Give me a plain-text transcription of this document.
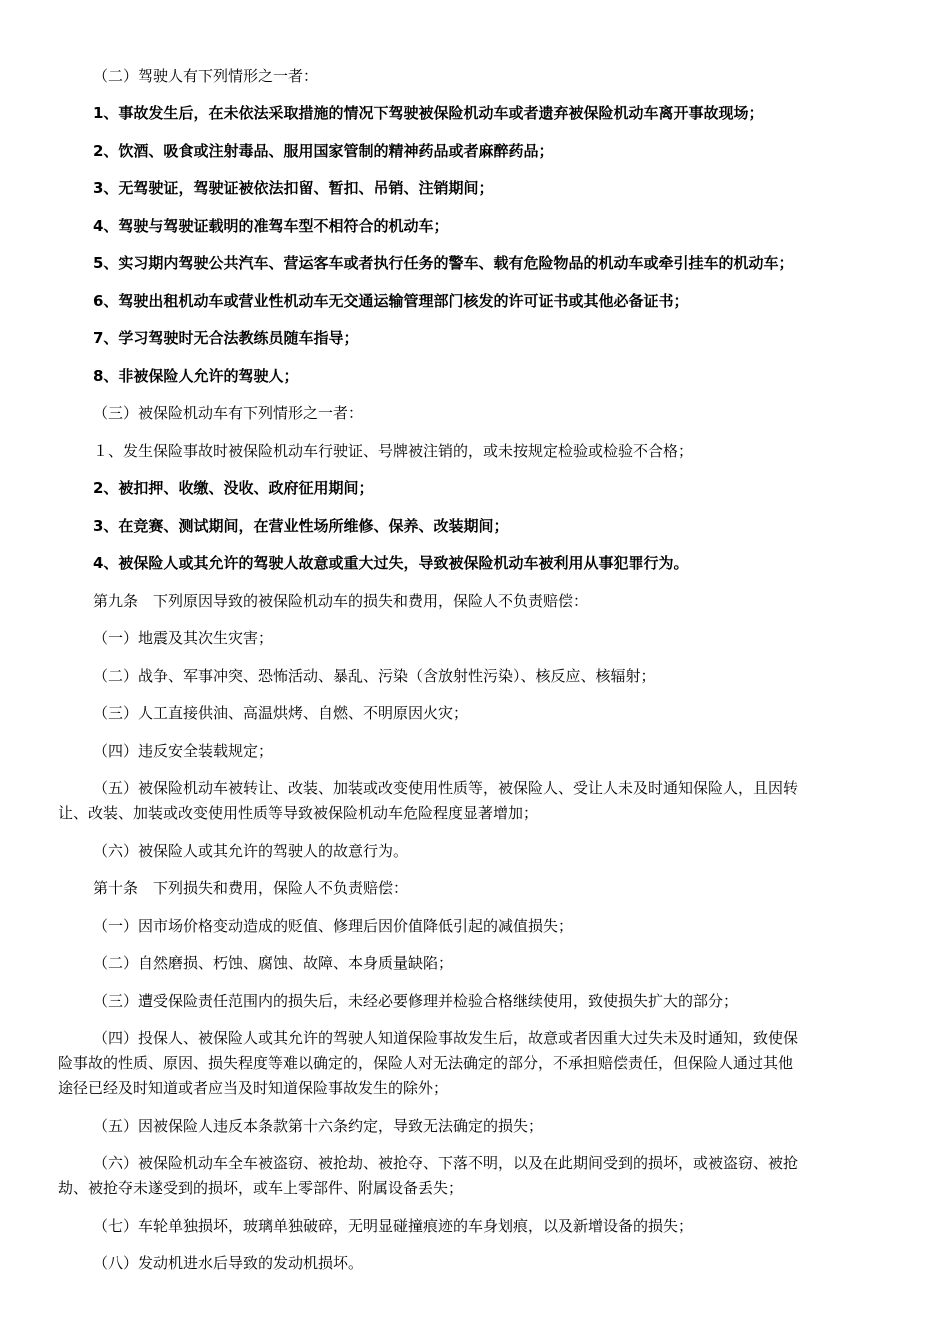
（二）驾驶人有下列情形之一者：
1、事故发生后，在未依法采取措施的情况下驾驶被保险机动车或者遗弃被保险机动车离开事故现场；
2、饮酒、吸食或注射毒品、服用国家管制的精神药品或者麻醉药品；
3、无驾驶证，驾驶证被依法扣留、暂扣、吊销、注销期间；
4、驾驶与驾驶证载明的准驾车型不相符合的机动车；
5、实习期内驾驶公共汽车、营运客车或者执行任务的警车、载有危险物品的机动车或牵引挂车的机动车；
6、驾驶出租机动车或营业性机动车无交通运输管理部门核发的许可证书或其他必备证书；
7、学习驾驶时无合法教练员随车指导；
8、非被保险人允许的驾驶人；
（三）被保险机动车有下列情形之一者：
１、发生保险事故时被保险机动车行驶证、号牌被注销的，或未按规定检验或检验不合格；
2、被扣押、收缴、没收、政府征用期间；
3、在竞赛、测试期间，在营业性场所维修、保养、改装期间；
4、被保险人或其允许的驾驶人故意或重大过失，导致被保险机动车被利用从事犯罪行为。
第九条　下列原因导致的被保险机动车的损失和费用，保险人不负责赔偿：
（一）地震及其次生灾害；
（二）战争、军事冲突、恐怖活动、暴乱、污染（含放射性污染）、核反应、核辐射；
（三）人工直接供油、高温烘烤、自燃、不明原因火灾；
（四）违反安全装载规定；
（五）被保险机动车被转让、改装、加装或改变使用性质等，被保险人、受让人未及时通知保险人，且因转
让、改装、加装或改变使用性质等导致被保险机动车危险程度显著增加；
（六）被保险人或其允许的驾驶人的故意行为。
第十条　下列损失和费用，保险人不负责赔偿：
（一）因市场价格变动造成的贬值、修理后因价值降低引起的减值损失；
（二）自然磨损、朽蚀、腐蚀、故障、本身质量缺陷；
（三）遭受保险责任范围内的损失后，未经必要修理并检验合格继续使用，致使损失扩大的部分；
（四）投保人、被保险人或其允许的驾驶人知道保险事故发生后，故意或者因重大过失未及时通知，致使保
险事故的性质、原因、损失程度等难以确定的，保险人对无法确定的部分，不承担赔偿责任，但保险人通过其他
途径已经及时知道或者应当及时知道保险事故发生的除外；
（五）因被保险人违反本条款第十六条约定，导致无法确定的损失；
（六）被保险机动车全车被盗窃、被抢劫、被抢夺、下落不明，以及在此期间受到的损坏，或被盗窃、被抢
劫、被抢夺未遂受到的损坏，或车上零部件、附属设备丢失；
（七）车轮单独损坏，玻璃单独破碎，无明显碰撞痕迹的车身划痕，以及新增设备的损失；
（八）发动机进水后导致的发动机损坏。
